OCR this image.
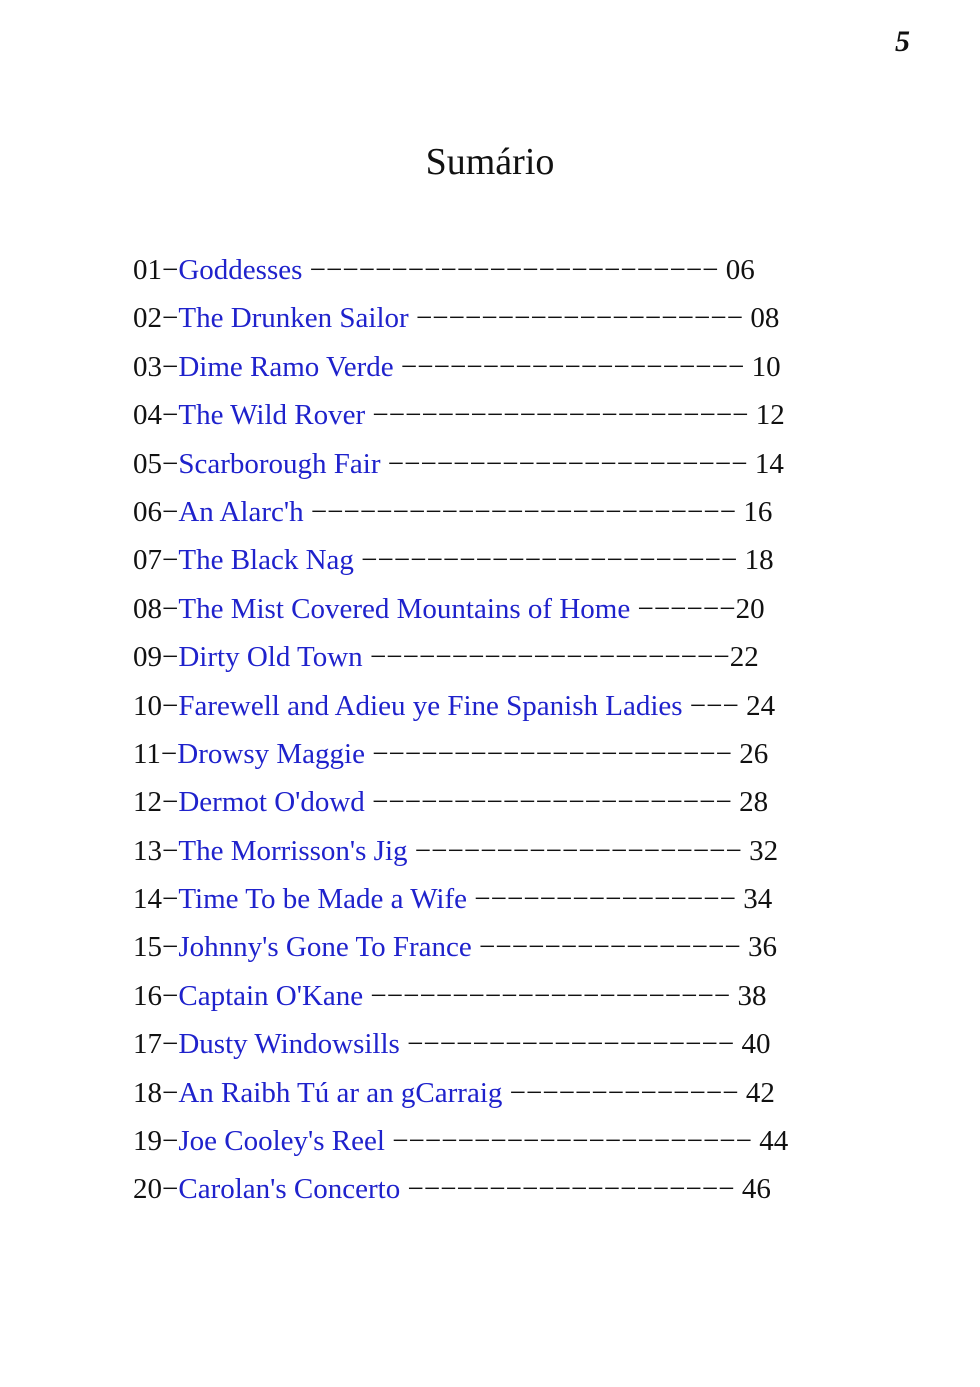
5
Sumário
01−Goddesses −−−−−−−−−−−−−−−−−−−−−−−−− 06
02−The Drunken Sailor −−−−−−−−−−−−−−−−−−−− 08
03−Dime Ramo Verde −−−−−−−−−−−−−−−−−−−−− 10
04−The Wild Rover −−−−−−−−−−−−−−−−−−−−−−− 12
05−Scarborough Fair −−−−−−−−−−−−−−−−−−−−−− 14
06−An Alarc'h −−−−−−−−−−−−−−−−−−−−−−−−−− 16
07−The Black Nag −−−−−−−−−−−−−−−−−−−−−−− 18
08−The Mist Covered Mountains of Home −−−−−−20
09−Dirty Old Town −−−−−−−−−−−−−−−−−−−−−−22
10−Farewell and Adieu ye Fine Spanish Ladies −−− 24
11−Drowsy Maggie −−−−−−−−−−−−−−−−−−−−−− 26
12−Dermot O'dowd −−−−−−−−−−−−−−−−−−−−−− 28
13−The Morrisson's Jig −−−−−−−−−−−−−−−−−−−− 32
14−Time To be Made a Wife −−−−−−−−−−−−−−−− 34
15−Johnny's Gone To France −−−−−−−−−−−−−−−− 36
16−Captain O'Kane −−−−−−−−−−−−−−−−−−−−−− 38
17−Dusty Windowsills −−−−−−−−−−−−−−−−−−−− 40
18−An Raibh Tú ar an gCarraig −−−−−−−−−−−−−− 42
19−Joe Cooley's Reel −−−−−−−−−−−−−−−−−−−−−− 44
20−Carolan's Concerto −−−−−−−−−−−−−−−−−−−− 46
